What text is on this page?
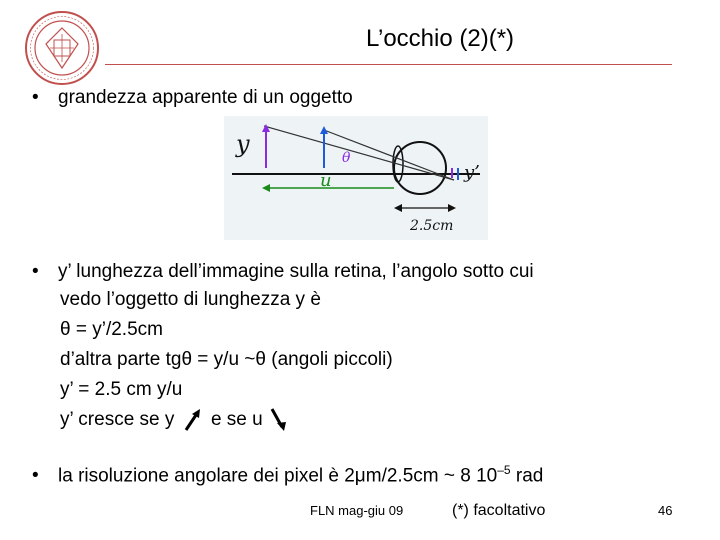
L’occhio (2)(*)
• grandezza apparente di un oggetto
y
y’
u
θ
2.5cm
• y’ lunghezza dell’immagine sulla retina, l’angolo sotto cui
vedo l’oggetto di lunghezza y è
θ = y’/2.5cm
d’altra parte tgθ = y/u ~θ (angoli piccoli)
y’ = 2.5 cm y/u
y’ cresce se y e se u
• la risoluzione angolare dei pixel è 2μm/2.5cm ~ 8 $10^{-5}$ rad
FLN mag-giu 09	(*) facoltativo	46
